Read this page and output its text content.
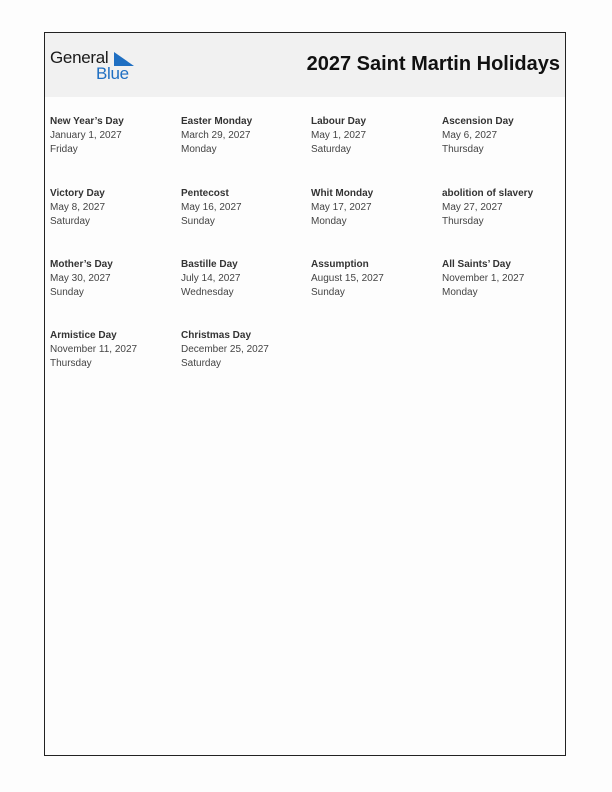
General
Blue	2027 Saint Martin Holidays
New Year’s Day
January 1, 2027
Friday
Easter Monday
March 29, 2027
Monday
Labour Day
May 1, 2027
Saturday
Ascension Day
May 6, 2027
Thursday
Victory Day
May 8, 2027
Saturday
Pentecost
May 16, 2027
Sunday
Whit Monday
May 17, 2027
Monday
abolition of slavery
May 27, 2027
Thursday
Mother’s Day
May 30, 2027
Sunday
Bastille Day
July 14, 2027
Wednesday
Assumption
August 15, 2027
Sunday
All Saints’ Day
November 1, 2027
Monday
Armistice Day
November 11, 2027
Thursday
Christmas Day
December 25, 2027
Saturday
